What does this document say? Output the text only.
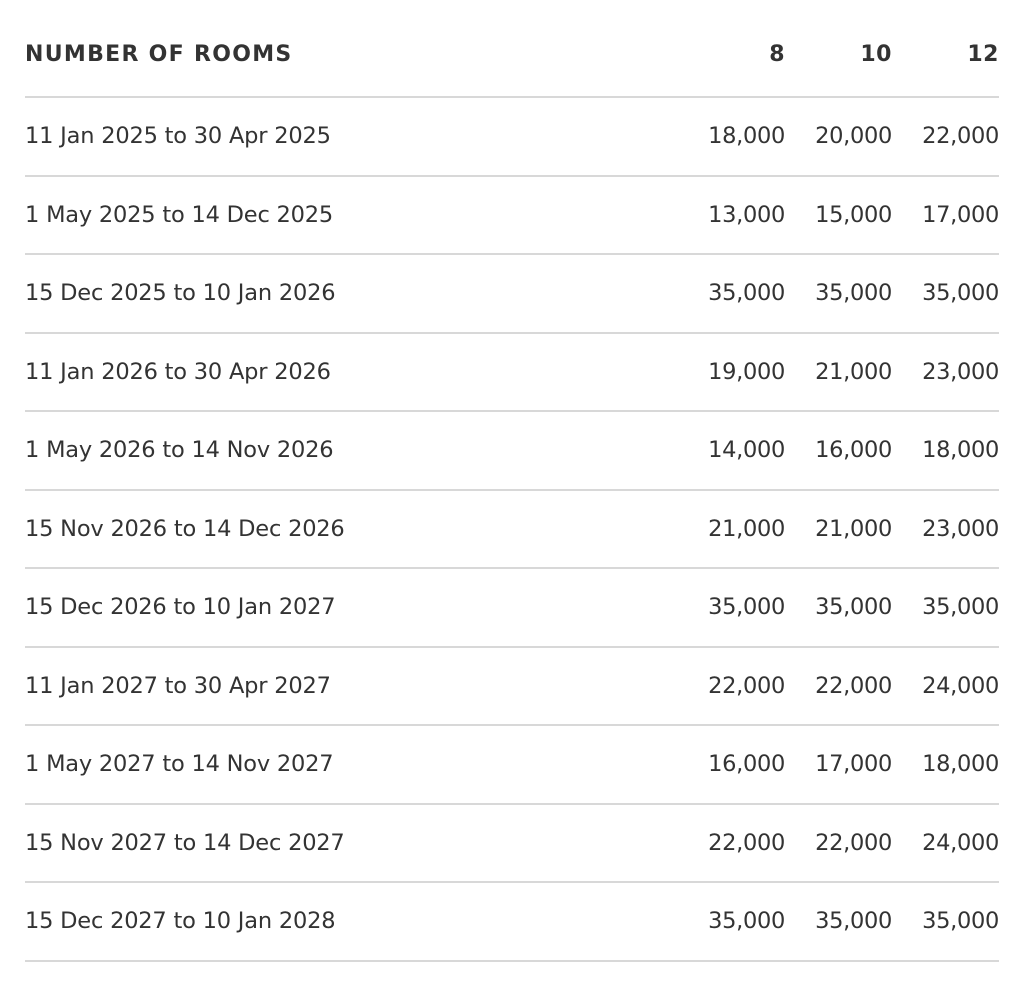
NUMBER OF ROOMS	8	10	12
11 Jan 2025 to 30 Apr 2025	18,000	20,000	22,000
1 May 2025 to 14 Dec 2025	13,000	15,000	17,000
15 Dec 2025 to 10 Jan 2026	35,000	35,000	35,000
11 Jan 2026 to 30 Apr 2026	19,000	21,000	23,000
1 May 2026 to 14 Nov 2026	14,000	16,000	18,000
15 Nov 2026 to 14 Dec 2026	21,000	21,000	23,000
15 Dec 2026 to 10 Jan 2027	35,000	35,000	35,000
11 Jan 2027 to 30 Apr 2027	22,000	22,000	24,000
1 May 2027 to 14 Nov 2027	16,000	17,000	18,000
15 Nov 2027 to 14 Dec 2027	22,000	22,000	24,000
15 Dec 2027 to 10 Jan 2028	35,000	35,000	35,000
